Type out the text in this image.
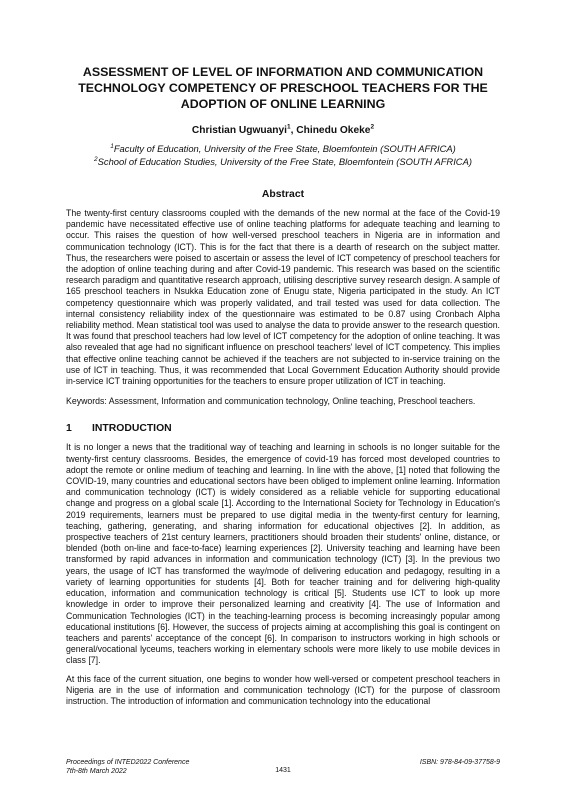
ASSESSMENT OF LEVEL OF INFORMATION AND COMMUNICATION TECHNOLOGY COMPETENCY OF PRESCHOOL TEACHERS FOR THE ADOPTION OF ONLINE LEARNING
Christian Ugwuanyi$^1$, Chinedu Okeke$^2$
$^1$Faculty of Education, University of the Free State, Bloemfontein (SOUTH AFRICA)
$^2$School of Education Studies, University of the Free State, Bloemfontein (SOUTH AFRICA)
Abstract

The twenty-first century classrooms coupled with the demands of the new normal at the face of the Covid-19 pandemic have necessitated effective use of online teaching platforms for adequate teaching and learning to occur. This raises the question of how well-versed preschool teachers in Nigeria are in information and communication technology (ICT). This is for the fact that there is a dearth of research on the subject matter. Thus, the researchers were poised to ascertain or assess the level of ICT competency of preschool teachers for the adoption of online teaching during and after Covid-19 pandemic. This research was based on the scientific research paradigm and quantitative research approach, utilising descriptive survey research design. A sample of 165 preschool teachers in Nsukka Education zone of Enugu state, Nigeria participated in the study. An ICT competency questionnaire which was properly validated, and trail tested was used for data collection. The internal consistency reliability index of the questionnaire was estimated to be 0.87 using Cronbach Alpha reliability method. Mean statistical tool was used to analyse the data to provide answer to the research question. It was found that preschool teachers had low level of ICT competency for the adoption of online teaching. It was also revealed that age had no significant influence on preschool teachers' level of ICT competency. This implies that effective online teaching cannot be achieved if the teachers are not subjected to in-service training on the use of ICT in teaching. Thus, it was recommended that Local Government Education Authority should provide in-service ICT training opportunities for the teachers to ensure proper utilization of ICT in teaching.

Keywords: Assessment, Information and communication technology, Online teaching, Preschool teachers.

1 INTRODUCTION

It is no longer a news that the traditional way of teaching and learning in schools is no longer suitable for the twenty-first century classrooms. Besides, the emergence of covid-19 has forced most developed countries to adopt the remote or online medium of teaching and learning. In line with the above, [1] noted that following the COVID-19, many countries and educational sectors have been obliged to implement online learning. Information and communication technology (ICT) is widely considered as a reliable vehicle for supporting educational change and progress on a global scale [1]. According to the International Society for Technology in Education's 2019 requirements, learners must be prepared to use digital media in the twenty-first century for learning, teaching, gathering, generating, and sharing information for educational objectives [2]. In addition, as prospective teachers of 21st century learners, practitioners should broaden their students' online, distance, or blended (both on-line and face-to-face) learning experiences [2]. University teaching and learning have been transformed by rapid advances in information and communication technology (ICT) [3]. In the previous two years, the usage of ICT has transformed the way/mode of delivering education and pedagogy, resulting in a variety of learning opportunities for students [4]. Both for teacher training and for delivering high-quality education, information and communication technology is critical [5]. Students use ICT to look up more knowledge in order to improve their personalized learning and creativity [4]. The use of Information and Communication Technologies (ICT) in the teaching-learning process is becoming increasingly popular among educational institutions [6]. However, the success of projects aiming at accomplishing this goal is contingent on teachers and parents' acceptance of the concept [6]. In comparison to instructors working in high schools or general/vocational lyceums, teachers working in elementary schools were more likely to use mobile devices in class [7].

At this face of the current situation, one begins to wonder how well-versed or competent preschool teachers in Nigeria are in the use of information and communication technology (ICT) for the purpose of classroom instruction. The introduction of information and communication technology into the educational

Proceedings of INTED2022 Conference
7th-8th March 2022	1431
ISBN: 978-84-09-37758-9
